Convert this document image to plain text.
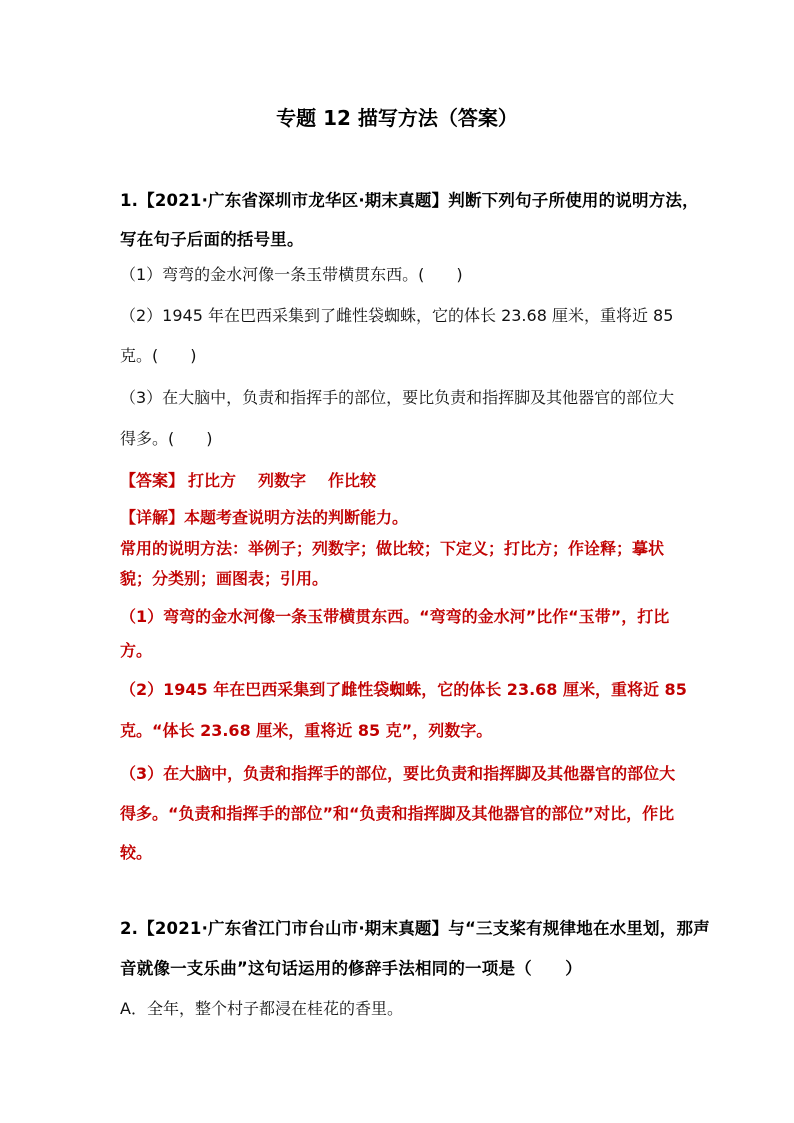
专题 12 描写方法（答案）
1.【2021·广东省深圳市龙华区·期末真题】判断下列句子所使用的说明方法，
写在句子后面的括号里。
（1）弯弯的金水河像一条玉带横贯东西。(　　)
（2）1945 年在巴西采集到了雌性袋蜘蛛，它的体长 23.68 厘米，重将近 85
克。(　　)
（3）在大脑中，负责和指挥手的部位，要比负责和指挥脚及其他器官的部位大
得多。(　　)
【答案】 打比方 列数字 作比较
【详解】本题考查说明方法的判断能力。
常用的说明方法：举例子；列数字；做比较；下定义；打比方；作诠释；摹状
貌；分类别；画图表；引用。
（1）弯弯的金水河像一条玉带横贯东西。“弯弯的金水河”比作“玉带”，打比
方。
（2）1945 年在巴西采集到了雌性袋蜘蛛，它的体长 23.68 厘米，重将近 85
克。“体长 23.68 厘米，重将近 85 克”，列数字。
（3）在大脑中，负责和指挥手的部位，要比负责和指挥脚及其他器官的部位大
得多。“负责和指挥手的部位”和“负责和指挥脚及其他器官的部位”对比，作比
较。
2.【2021·广东省江门市台山市·期末真题】与“三支桨有规律地在水里划，那声
音就像一支乐曲”这句话运用的修辞手法相同的一项是（　　）
A．全年，整个村子都浸在桂花的香里。
